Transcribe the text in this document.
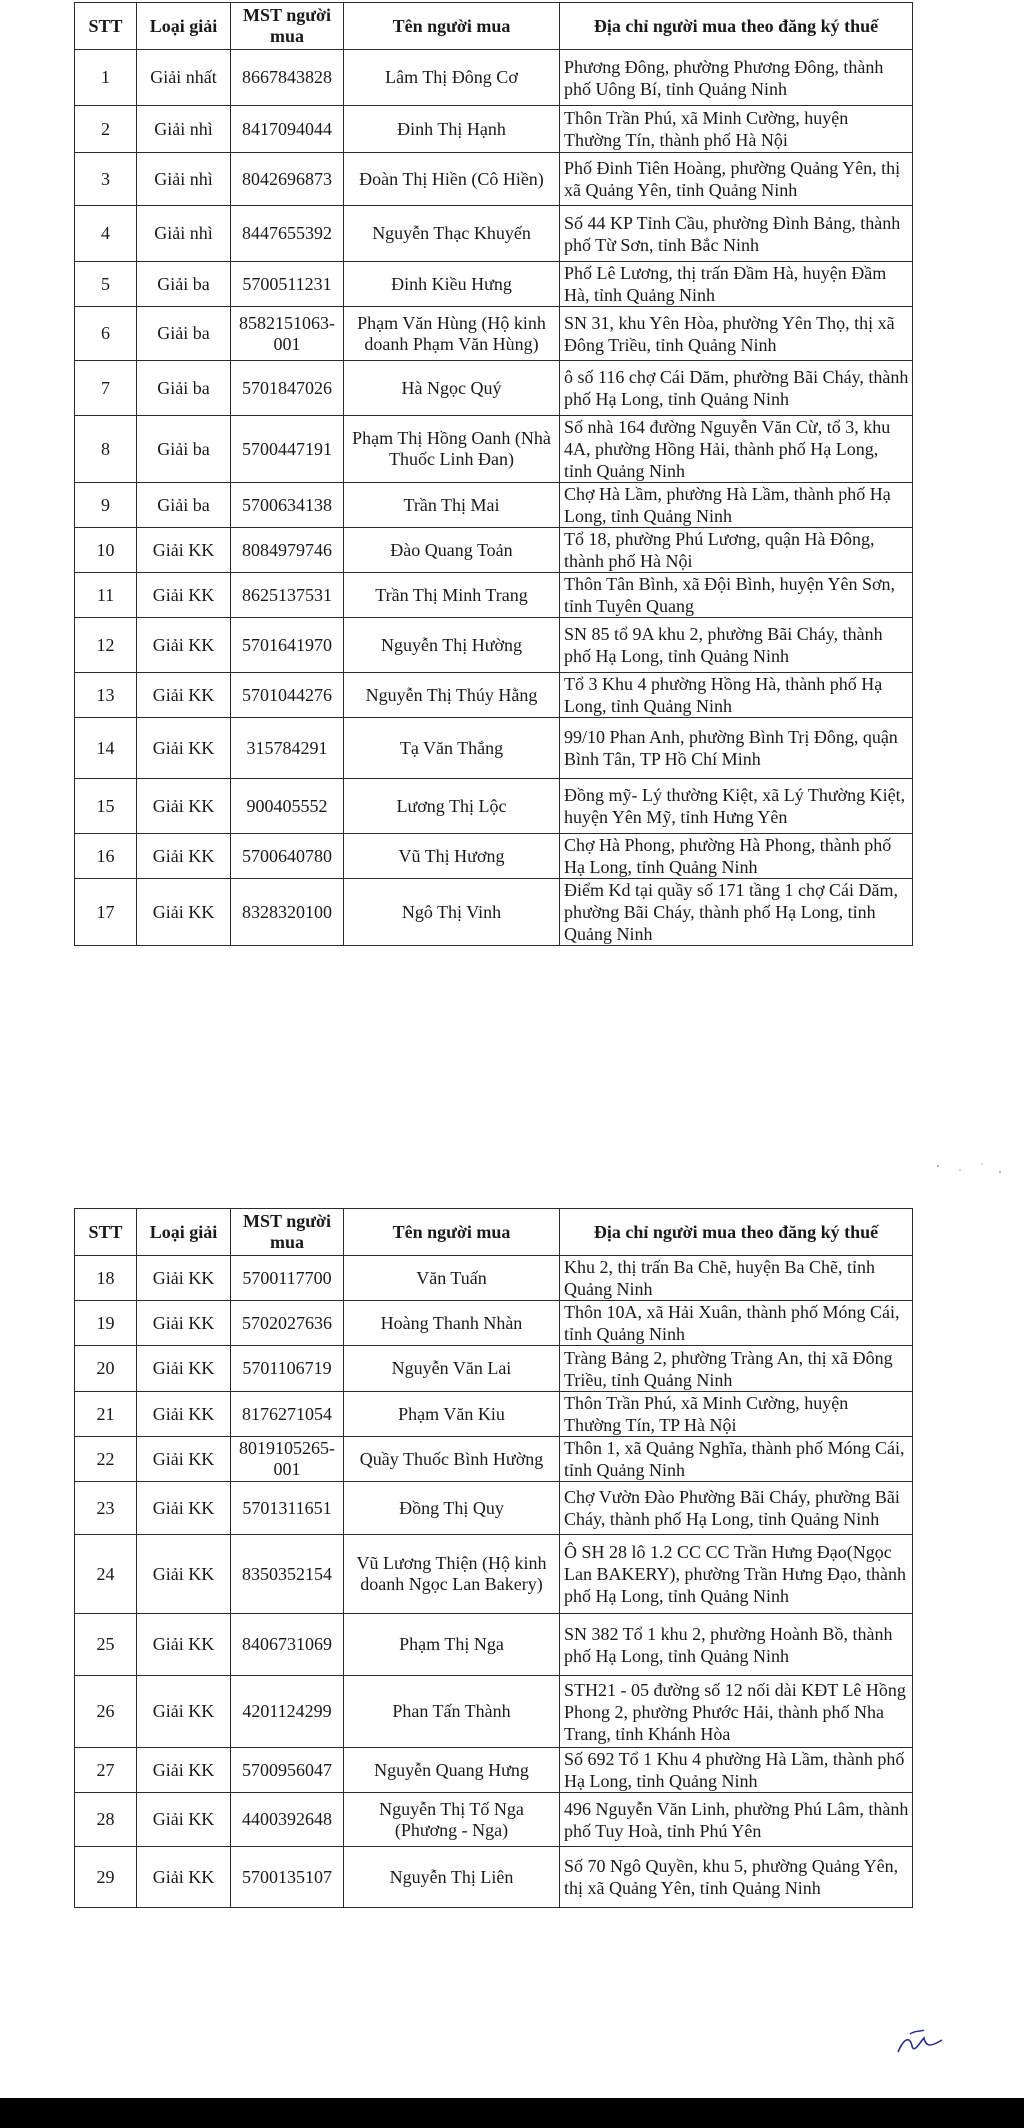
STT	Loại giải	MST người mua	Tên người mua	Địa chỉ người mua theo đăng ký thuế
1	Giải nhất	8667843828	Lâm Thị Đông Cơ	Phương Đông, phường Phương Đông, thành phố Uông Bí, tỉnh Quảng Ninh
2	Giải nhì	8417094044	Đinh Thị Hạnh	Thôn Trần Phú, xã Minh Cường, huyện Thường Tín, thành phố Hà Nội
3	Giải nhì	8042696873	Đoàn Thị Hiền (Cô Hiền)	Phố Đinh Tiên Hoàng, phường Quảng Yên, thị xã Quảng Yên, tỉnh Quảng Ninh
4	Giải nhì	8447655392	Nguyễn Thạc Khuyến	Số 44 KP Tỉnh Cầu, phường Đình Bảng, thành phố Từ Sơn, tỉnh Bắc Ninh
5	Giải ba	5700511231	Đinh Kiều Hưng	Phố Lê Lương, thị trấn Đầm Hà, huyện Đầm Hà, tỉnh Quảng Ninh
6	Giải ba	8582151063-001	Phạm Văn Hùng (Hộ kinh doanh Phạm Văn Hùng)	SN 31, khu Yên Hòa, phường Yên Thọ, thị xã Đông Triều, tỉnh Quảng Ninh
7	Giải ba	5701847026	Hà Ngọc Quý	ô số 116 chợ Cái Dăm, phường Bãi Cháy, thành phố Hạ Long, tỉnh Quảng Ninh
8	Giải ba	5700447191	Phạm Thị Hồng Oanh (Nhà Thuốc Linh Đan)	Số nhà 164 đường Nguyễn Văn Cừ, tổ 3, khu 4A, phường Hồng Hải, thành phố Hạ Long, tỉnh Quảng Ninh
9	Giải ba	5700634138	Trần Thị Mai	Chợ Hà Lầm, phường Hà Lầm, thành phố Hạ Long, tỉnh Quảng Ninh
10	Giải KK	8084979746	Đào Quang Toản	Tổ 18, phường Phú Lương, quận Hà Đông, thành phố Hà Nội
11	Giải KK	8625137531	Trần Thị Minh Trang	Thôn Tân Bình, xã Đội Bình, huyện Yên Sơn, tỉnh Tuyên Quang
12	Giải KK	5701641970	Nguyễn Thị Hường	SN 85 tổ 9A khu 2, phường Bãi Cháy, thành phố Hạ Long, tỉnh Quảng Ninh
13	Giải KK	5701044276	Nguyễn Thị Thúy Hằng	Tổ 3 Khu 4 phường Hồng Hà, thành phố Hạ Long, tỉnh Quảng Ninh
14	Giải KK	315784291	Tạ Văn Thắng	99/10 Phan Anh, phường Bình Trị Đông, quận Bình Tân, TP Hồ Chí Minh
15	Giải KK	900405552	Lương Thị Lộc	Đồng mỹ- Lý thường Kiệt, xã Lý Thường Kiệt, huyện Yên Mỹ, tỉnh Hưng Yên
16	Giải KK	5700640780	Vũ Thị Hương	Chợ Hà Phong, phường Hà Phong, thành phố Hạ Long, tỉnh Quảng Ninh
17	Giải KK	8328320100	Ngô Thị Vinh	Điểm Kd tại quầy số 171 tầng 1 chợ Cái Dăm, phường Bãi Cháy, thành phố Hạ Long, tỉnh Quảng Ninh
STT	Loại giải	MST người mua	Tên người mua	Địa chỉ người mua theo đăng ký thuế
18	Giải KK	5700117700	Văn Tuấn	Khu 2, thị trấn Ba Chẽ, huyện Ba Chẽ, tỉnh Quảng Ninh
19	Giải KK	5702027636	Hoàng Thanh Nhàn	Thôn 10A, xã Hải Xuân, thành phố Móng Cái, tỉnh Quảng Ninh
20	Giải KK	5701106719	Nguyễn Văn Lai	Tràng Bảng 2, phường Tràng An, thị xã Đông Triều, tỉnh Quảng Ninh
21	Giải KK	8176271054	Phạm Văn Kiu	Thôn Trần Phú, xã Minh Cường, huyện Thường Tín, TP Hà Nội
22	Giải KK	8019105265-001	Quầy Thuốc Bình Hường	Thôn 1, xã Quảng Nghĩa, thành phố Móng Cái, tỉnh Quảng Ninh
23	Giải KK	5701311651	Đồng Thị Quy	Chợ Vườn Đào Phường Bãi Cháy, phường Bãi Cháy, thành phố Hạ Long, tỉnh Quảng Ninh
24	Giải KK	8350352154	Vũ Lương Thiện (Hộ kinh doanh Ngọc Lan Bakery)	Ô SH 28 lô 1.2 CC CC Trần Hưng Đạo(Ngọc Lan BAKERY), phường Trần Hưng Đạo, thành phố Hạ Long, tỉnh Quảng Ninh
25	Giải KK	8406731069	Phạm Thị Nga	SN 382 Tổ 1 khu 2, phường Hoành Bồ, thành phố Hạ Long, tỉnh Quảng Ninh
26	Giải KK	4201124299	Phan Tấn Thành	STH21 - 05 đường số 12 nối dài KĐT Lê Hồng Phong 2, phường Phước Hải, thành phố Nha Trang, tỉnh Khánh Hòa
27	Giải KK	5700956047	Nguyễn Quang Hưng	Số 692 Tổ 1 Khu 4 phường Hà Lầm, thành phố Hạ Long, tỉnh Quảng Ninh
28	Giải KK	4400392648	Nguyễn Thị Tố Nga (Phương - Nga)	496 Nguyễn Văn Linh, phường Phú Lâm, thành phố Tuy Hoà, tỉnh Phú Yên
29	Giải KK	5700135107	Nguyễn Thị Liên	Số 70 Ngô Quyền, khu 5, phường Quảng Yên, thị xã Quảng Yên, tỉnh Quảng Ninh
